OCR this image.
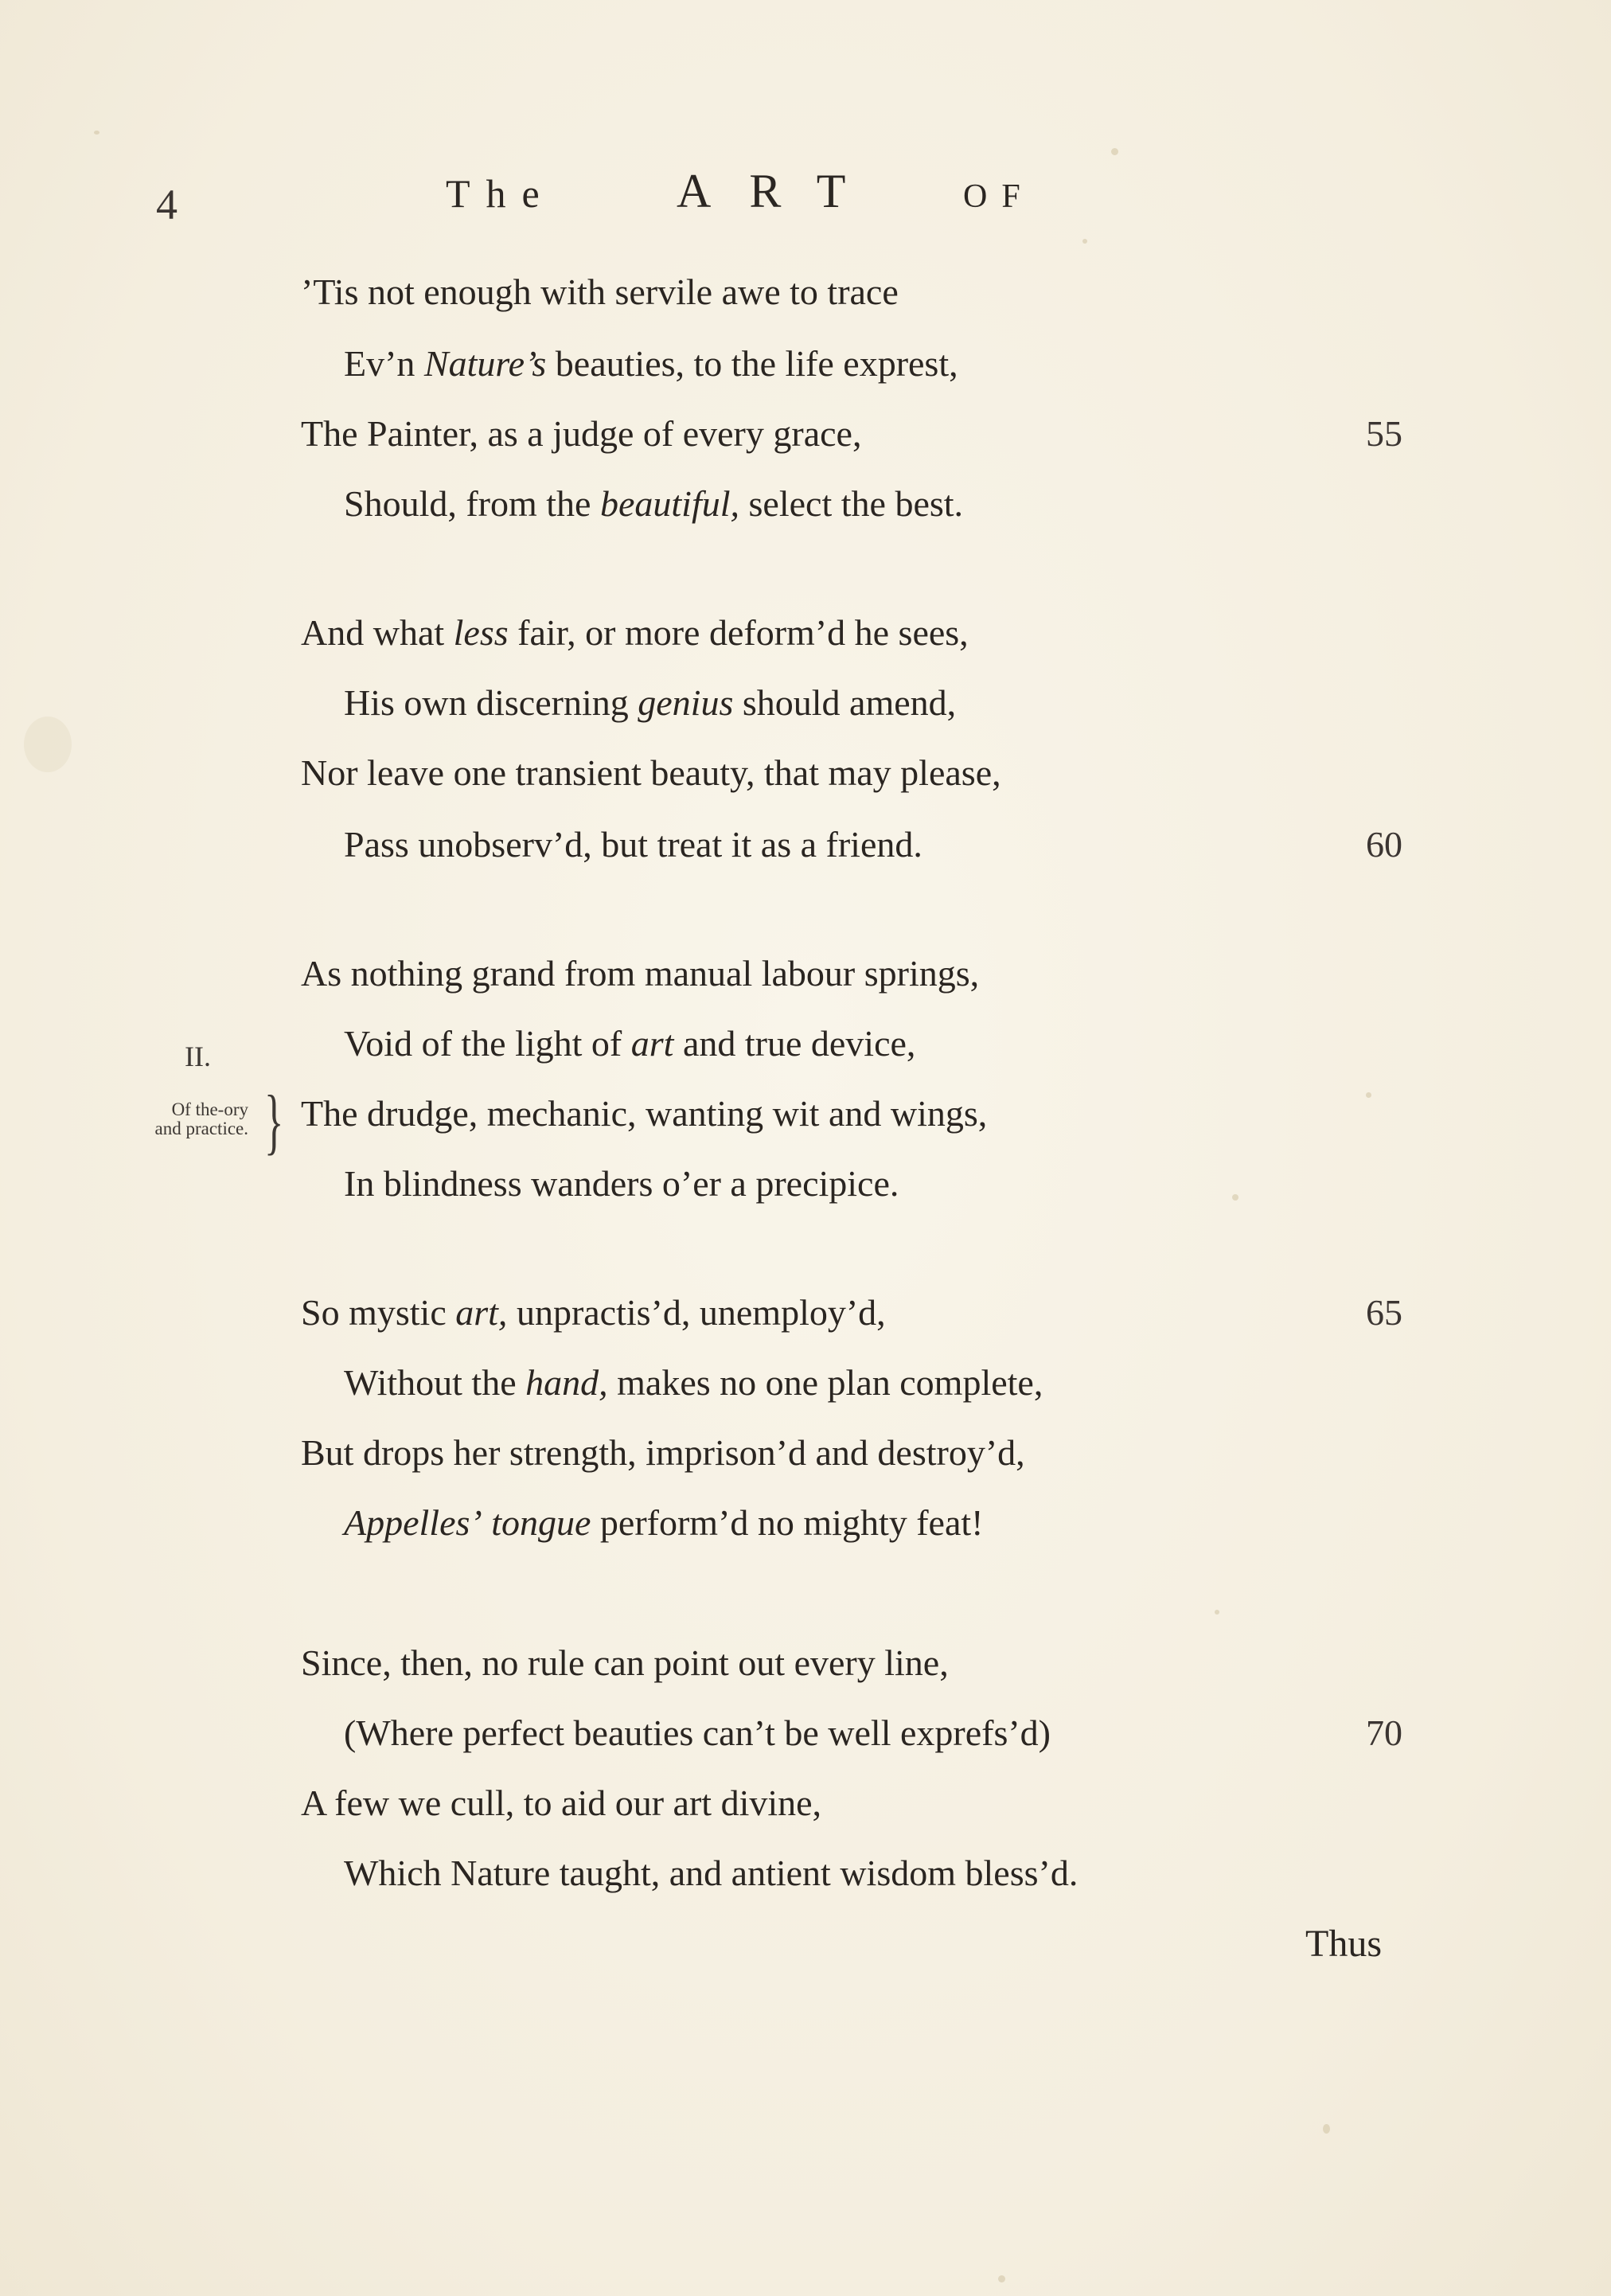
4	The	ART	OF
II.
Of the-ory and practice. }
’Tis not enough with servile awe to trace
Ev’n Nature’s beauties, to the life exprest,
The Painter, as a judge of every grace,
Should, from the beautiful, select the best.
And what less fair, or more deform’d he sees,
His own discerning genius should amend,
Nor leave one transient beauty, that may please,
Pass unobserv’d, but treat it as a friend.
As nothing grand from manual labour springs,
Void of the light of art and true device,
The drudge, mechanic, wanting wit and wings,
In blindness wanders o’er a precipice.
So mystic art, unpractis’d, unemploy’d,
Without the hand, makes no one plan complete,
But drops her strength, imprison’d and destroy’d,
Appelles’ tongue perform’d no mighty feat!
Since, then, no rule can point out every line,
(Where perfect beauties can’t be well exprefs’d)
A few we cull, to aid our art divine,
Which Nature taught, and antient wisdom bless’d.
55
60
65
70
Thus
